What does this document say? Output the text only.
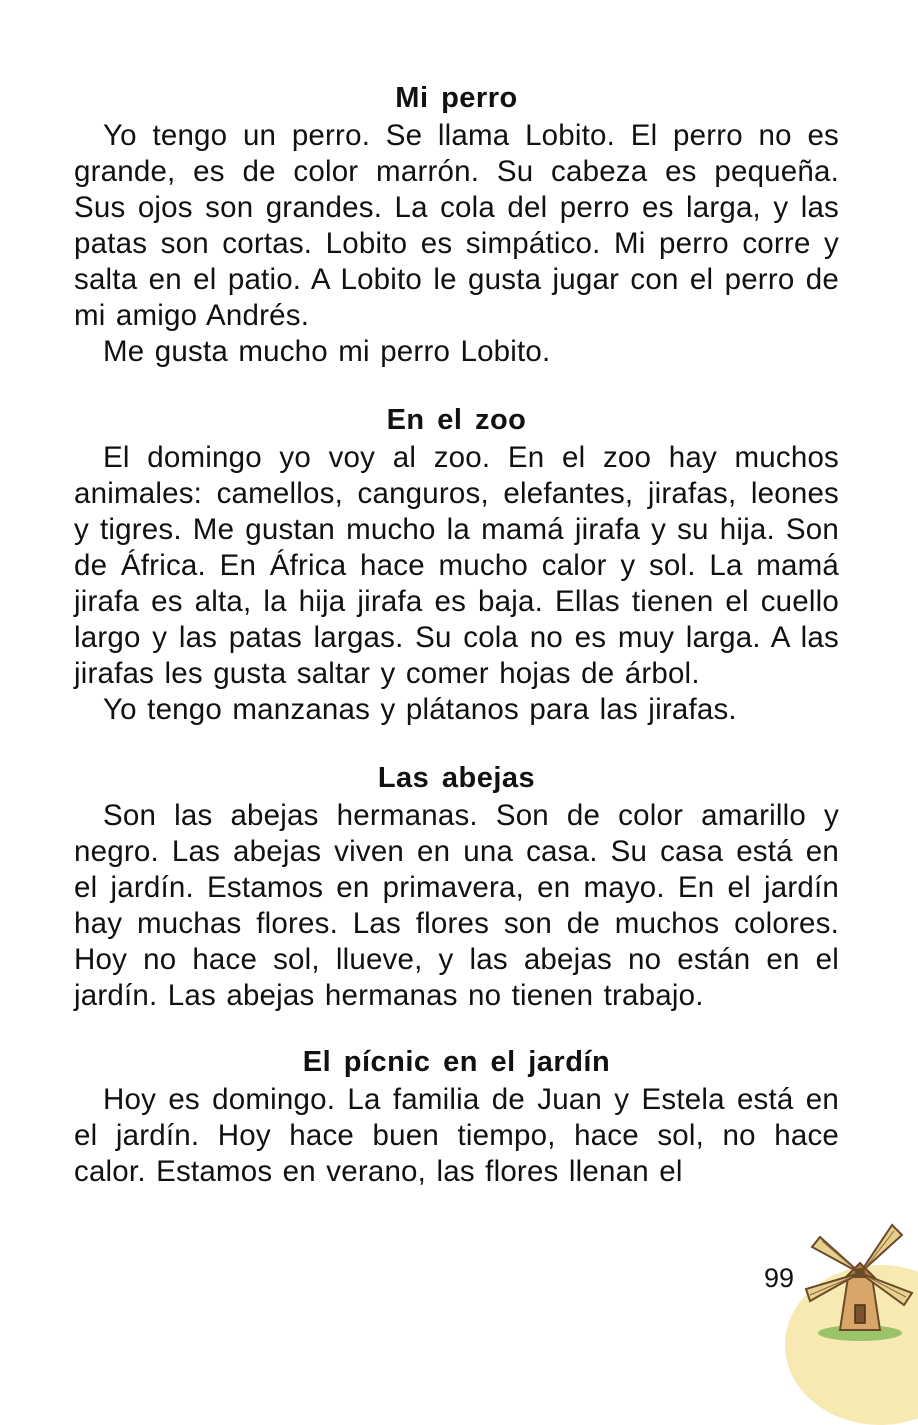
Mi perro

Yo tengo un perro. Se llama Lobito. El perro no es grande, es de color marrón. Su cabeza es pequeña. Sus ojos son grandes. La cola del perro es larga, y las patas son cortas. Lobito es simpático. Mi perro corre y salta en el patio. A Lobito le gusta jugar con el perro de mi amigo Andrés.

Me gusta mucho mi perro Lobito.

En el zoo

El domingo yo voy al zoo. En el zoo hay muchos animales: camellos, canguros, elefantes, jirafas, leones y tigres. Me gustan mucho la mamá jirafa y su hija. Son de África. En África hace mucho calor y sol. La mamá jirafa es alta, la hija jirafa es baja. Ellas tienen el cuello largo y las patas largas. Su cola no es muy larga. A las jirafas les gusta saltar y comer hojas de árbol.

Yo tengo manzanas y plátanos para las jirafas.

Las abejas

Son las abejas hermanas. Son de color amarillo y negro. Las abejas viven en una casa. Su casa está en el jardín. Estamos en primavera, en mayo. En el jardín hay muchas flores. Las flores son de muchos colores. Hoy no hace sol, llueve, y las abejas no están en el jardín. Las abejas hermanas no tienen trabajo.

El pícnic en el jardín

Hoy es domingo. La familia de Juan y Estela está en el jardín. Hoy hace buen tiempo, hace sol, no hace calor. Estamos en verano, las flores llenan el

99
